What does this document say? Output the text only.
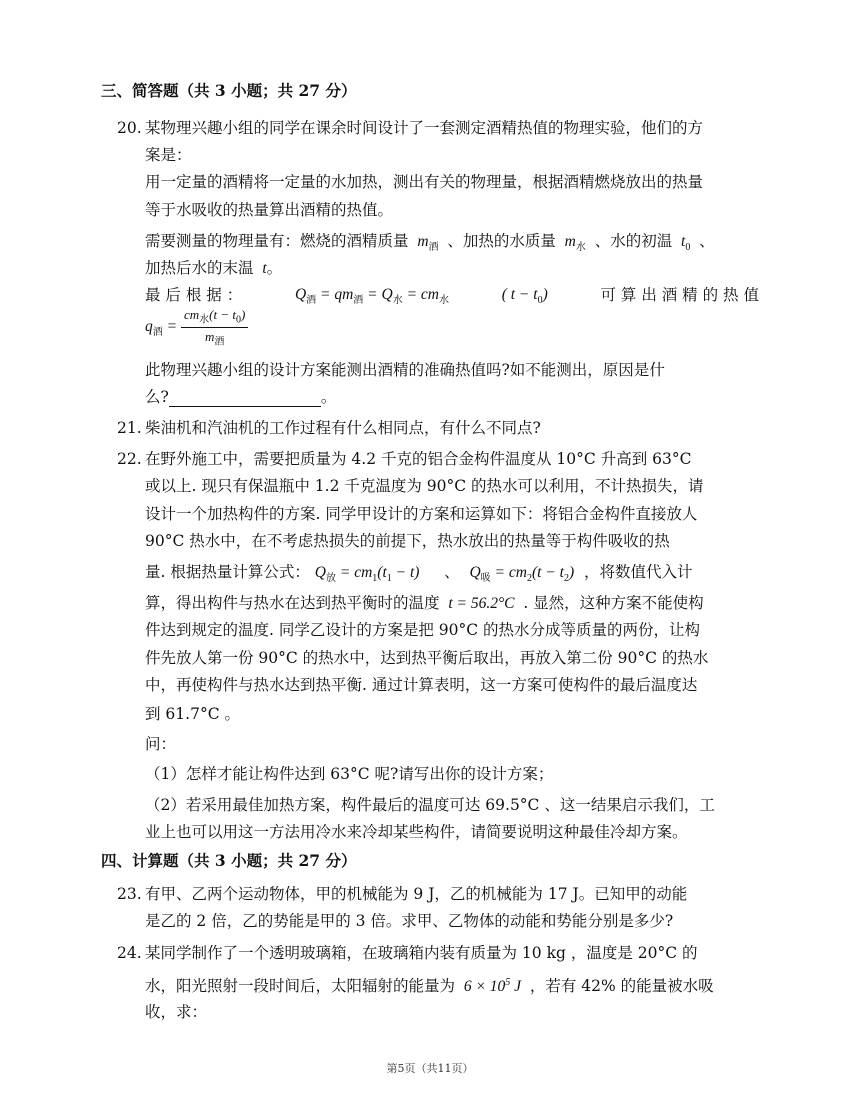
三、简答题（共 3 小题；共 27 分）
20. 某物理兴趣小组的同学在课余时间设计了一套测定酒精热值的物理实验，他们的方
案是：
用一定量的酒精将一定量的水加热，测出有关的物理量，根据酒精燃烧放出的热量
等于水吸收的热量算出酒精的热值。
需要测量的物理量有：燃烧的酒精质量  $m_酒$ 、加热的水质量  $m_水$ 、水的初温  $t_0$ 、
加热后水的末温  t。
最 后 根 据 ：	$Q_酒 = qm_酒 = Q_水 = cm_水$	( $t - t_0$)	可 算 出 酒 精 的 热 值
$q_酒 = \frac{cm_水(t - t_0)}{m_酒}$
此物理兴趣小组的设计方案能测出酒精的准确热值吗?如不能测出，原因是什
么?	。
21. 柴油机和汽油机的工作过程有什么相同点，有什么不同点?
22. 在野外施工中，需要把质量为 4.2 千克的铝合金构件温度从 10°C 升高到 63°C
或以上. 现只有保温瓶中 1.2 千克温度为 90°C 的热水可以利用，不计热损失，请
设计一个加热构件的方案. 同学甲设计的方案和运算如下：将铝合金构件直接放人
90°C 热水中，在不考虑热损失的前提下，热水放出的热量等于构件吸收的热
量. 根据热量计算公式： $Q_放 = cm_1(t_1 - t)$ 、 $Q_吸 = cm_2(t - t_2)$ ，将数值代入计
算，得出构件与热水在达到热平衡时的温度  t = 56.2°C  . 显然，这种方案不能使构
件达到规定的温度. 同学乙设计的方案是把 90°C 的热水分成等质量的两份，让构
件先放人第一份 90°C 的热水中，达到热平衡后取出，再放入第二份 90°C 的热水
中，再使构件与热水达到热平衡. 通过计算表明，这一方案可使构件的最后温度达
到 61.7°C 。
问：
（1）怎样才能让构件达到 63°C 呢?请写出你的设计方案；
（2）若采用最佳加热方案，构件最后的温度可达 69.5°C 、这一结果启示我们，工
业上也可以用这一方法用冷水来冷却某些构件，请简要说明这种最佳冷却方案。
四、计算题（共 3 小题；共 27 分）
23. 有甲、乙两个运动物体，甲的机械能为 9 J，乙的机械能为 17 J。已知甲的动能
是乙的 2 倍，乙的势能是甲的 3 倍。求甲、乙物体的动能和势能分别是多少?
24. 某同学制作了一个透明玻璃箱，在玻璃箱内装有质量为 10 kg ，温度是 20°C 的
水，阳光照射一段时间后，太阳辐射的能量为  $6 \times 10^5$ J  ，若有 42% 的能量被水吸
收，求：
第5页（共11页）
